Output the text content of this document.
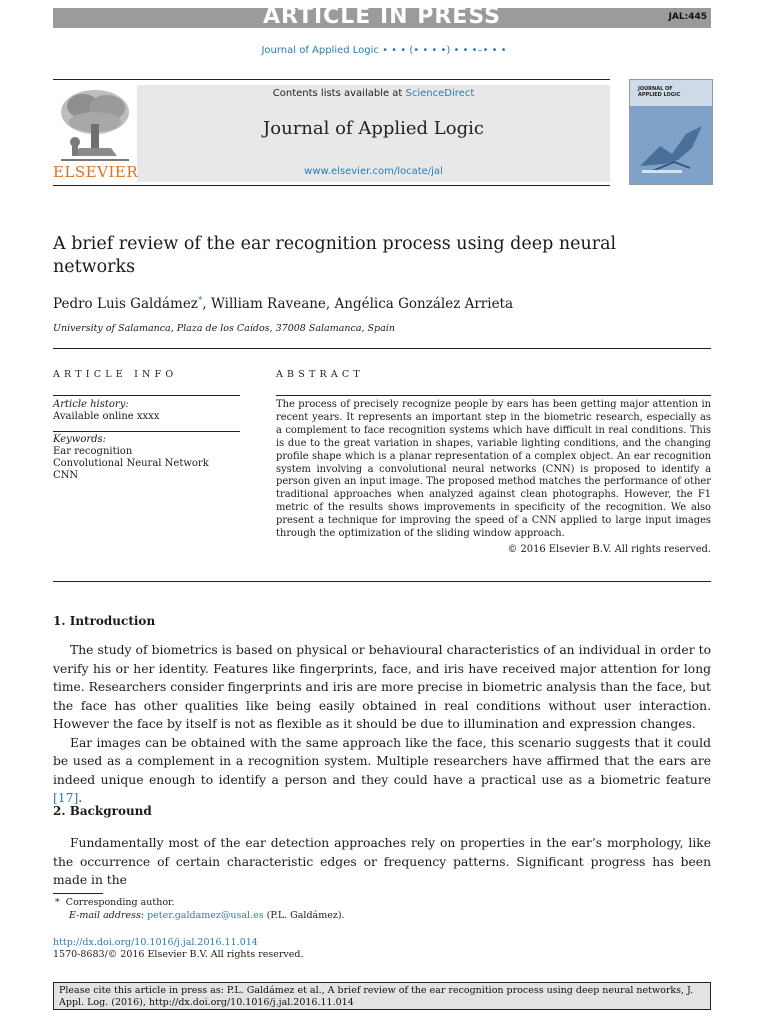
ARTICLE IN PRESS	JAL:445
Journal of Applied Logic • • • (• • • •) • • •–• • •
Contents lists available at ScienceDirect
Journal of Applied Logic
www.elsevier.com/locate/jal
ELSEVIER
JOURNAL OF
APPLIED LOGIC
A brief review of the ear recognition process using deep neural networks
Pedro Luis Galdámez*, William Raveane, Angélica González Arrieta
University of Salamanca, Plaza de los Caídos, 37008 Salamanca, Spain
ARTICLE INFO
Article history:
Available online xxxx
Keywords:
Ear recognition
Convolutional Neural Network
CNN
ABSTRACT
The process of precisely recognize people by ears has been getting major attention in recent years. It represents an important step in the biometric research, especially as a complement to face recognition systems which have difficult in real conditions. This is due to the great variation in shapes, variable lighting conditions, and the changing profile shape which is a planar representation of a complex object. An ear recognition system involving a convolutional neural networks (CNN) is proposed to identify a person given an input image. The proposed method matches the performance of other traditional approaches when analyzed against clean photographs. However, the F1 metric of the results shows improvements in specificity of the recognition. We also present a technique for improving the speed of a CNN applied to large input images through the optimization of the sliding window approach.
© 2016 Elsevier B.V. All rights reserved.
1. Introduction

The study of biometrics is based on physical or behavioural characteristics of an individual in order to verify his or her identity. Features like fingerprints, face, and iris have received major attention for long time. Researchers consider fingerprints and iris are more precise in biometric analysis than the face, but the face has other qualities like being easily obtained in real conditions without user interaction. However the face by itself is not as flexible as it should be due to illumination and expression changes.

Ear images can be obtained with the same approach like the face, this scenario suggests that it could be used as a complement in a recognition system. Multiple researchers have affirmed that the ears are indeed unique enough to identify a person and they could have a practical use as a biometric feature [17].

2. Background

Fundamentally most of the ear detection approaches rely on properties in the ear’s morphology, like the occurrence of certain characteristic edges or frequency patterns. Significant progress has been made in the

* Corresponding author.
E-mail address: peter.galdamez@usal.es (P.L. Galdámez).
http://dx.doi.org/10.1016/j.jal.2016.11.014
1570-8683/© 2016 Elsevier B.V. All rights reserved.
Please cite this article in press as: P.L. Galdámez et al., A brief review of the ear recognition process using deep neural networks, J. Appl. Log. (2016), http://dx.doi.org/10.1016/j.jal.2016.11.014
